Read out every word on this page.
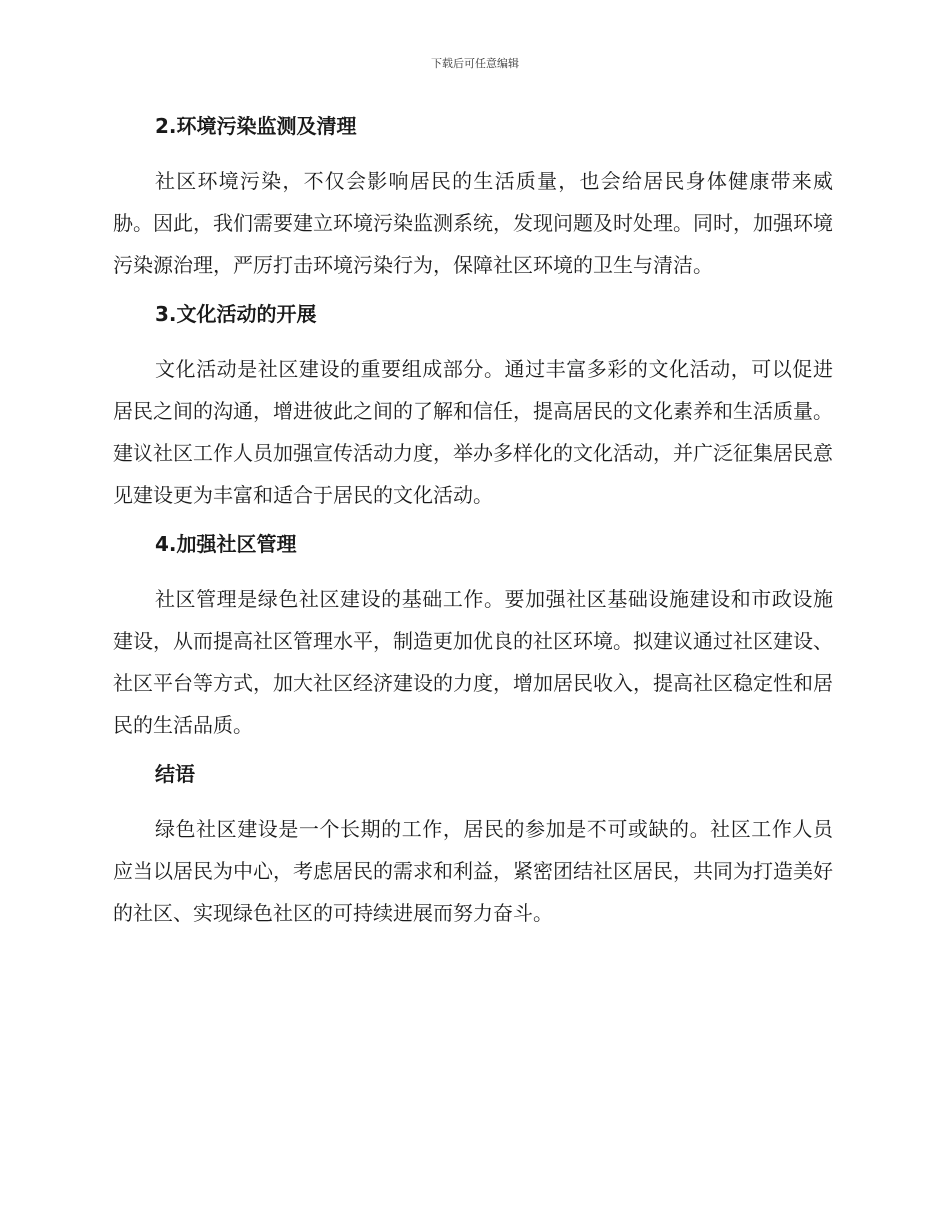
下载后可任意编辑
2.环境污染监测及清理

社区环境污染，不仅会影响居民的生活质量，也会给居民身体健康带来威胁。因此，我们需要建立环境污染监测系统，发现问题及时处理。同时，加强环境污染源治理，严厉打击环境污染行为，保障社区环境的卫生与清洁。

3.文化活动的开展

文化活动是社区建设的重要组成部分。通过丰富多彩的文化活动，可以促进居民之间的沟通，增进彼此之间的了解和信任，提高居民的文化素养和生活质量。建议社区工作人员加强宣传活动力度，举办多样化的文化活动，并广泛征集居民意见建设更为丰富和适合于居民的文化活动。

4.加强社区管理

社区管理是绿色社区建设的基础工作。要加强社区基础设施建设和市政设施建设，从而提高社区管理水平，制造更加优良的社区环境。拟建议通过社区建设、社区平台等方式，加大社区经济建设的力度，增加居民收入，提高社区稳定性和居民的生活品质。

结语

绿色社区建设是一个长期的工作，居民的参加是不可或缺的。社区工作人员应当以居民为中心，考虑居民的需求和利益，紧密团结社区居民，共同为打造美好的社区、实现绿色社区的可持续进展而努力奋斗。
